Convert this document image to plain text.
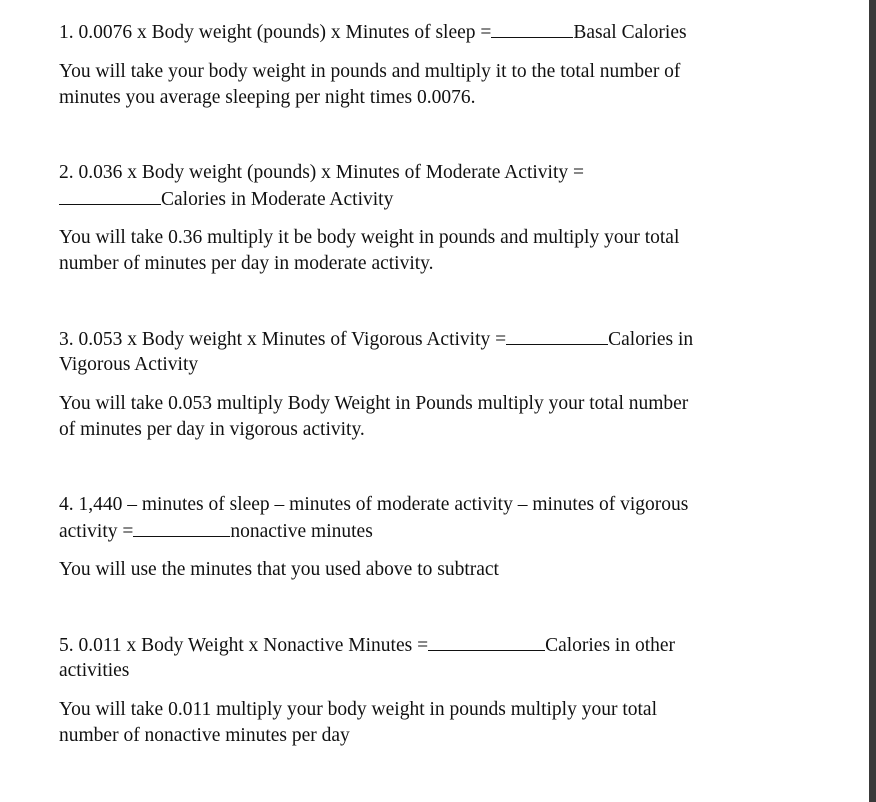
1. 0.0076 x Body weight (pounds) x Minutes of sleep =	Basal Calories
You will take your body weight in pounds and multiply it to the total number of
minutes you average sleeping per night times 0.0076.
2. 0.036 x Body weight (pounds) x Minutes of Moderate Activity =
Calories in Moderate Activity
You will take 0.36 multiply it be body weight in pounds and multiply your total
number of minutes per day in moderate activity.
3. 0.053 x Body weight x Minutes of Vigorous Activity =	Calories in
Vigorous Activity
You will take 0.053 multiply Body Weight in Pounds multiply your total number
of minutes per day in vigorous activity.
4. 1,440 – minutes of sleep – minutes of moderate activity – minutes of vigorous
activity =	nonactive minutes
You will use the minutes that you used above to subtract
5. 0.011 x Body Weight x Nonactive Minutes =	Calories in other
activities
You will take 0.011 multiply your body weight in pounds multiply your total
number of nonactive minutes per day
